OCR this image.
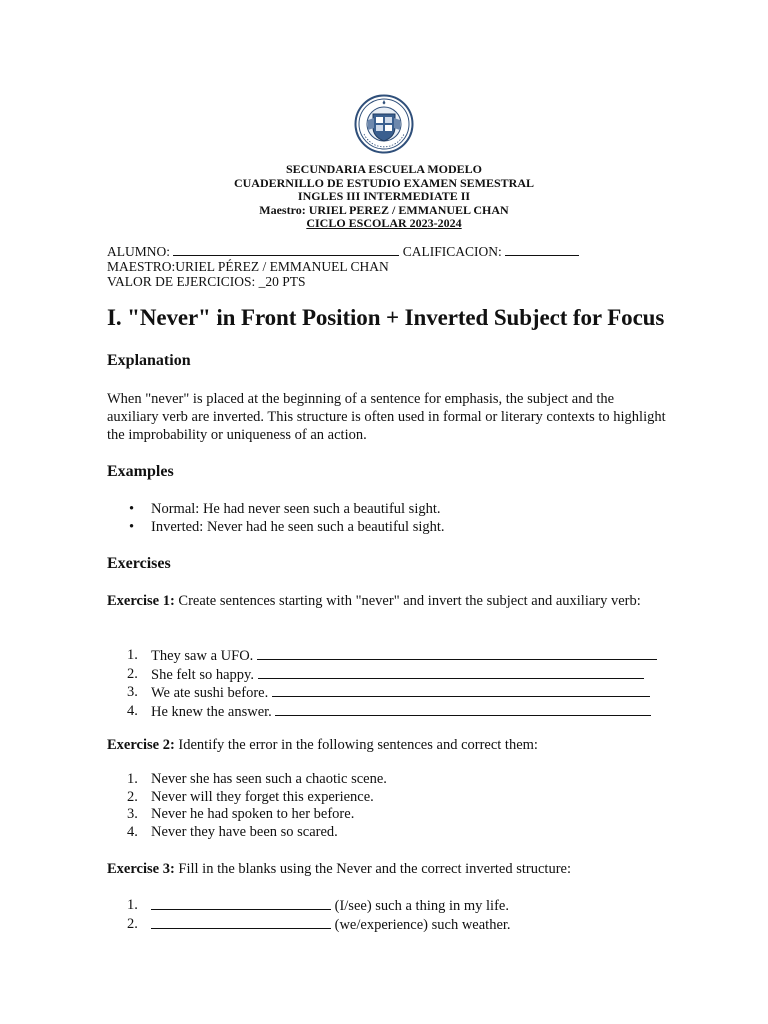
SECUNDARIA ESCUELA MODELO
CUADERNILLO DE ESTUDIO EXAMEN SEMESTRAL
INGLES III INTERMEDIATE II
Maestro: URIEL PEREZ / EMMANUEL CHAN
CICLO ESCOLAR 2023-2024
ALUMNO:	CALIFICACION:
MAESTRO:URIEL PÉREZ / EMMANUEL CHAN
VALOR DE EJERCICIOS: _20 PTS
I. "Never" in Front Position + Inverted Subject for Focus
Explanation

When "never" is placed at the beginning of a sentence for emphasis, the subject and the auxiliary verb are inverted. This structure is often used in formal or literary contexts to highlight the improbability or uniqueness of an action.

Examples
• Normal: He had never seen such a beautiful sight.
• Inverted: Never had he seen such a beautiful sight.
Exercises

Exercise 1: Create sentences starting with "never" and invert the subject and auxiliary verb:

1. They saw a UFO.
2. She felt so happy.
3. We ate sushi before.
4. He knew the answer.

Exercise 2: Identify the error in the following sentences and correct them:

1. Never she has seen such a chaotic scene.
2. Never will they forget this experience.
3. Never he had spoken to her before.
4. Never they have been so scared.

Exercise 3: Fill in the blanks using the Never and the correct inverted structure:

1.	(I/see) such a thing in my life.
2.	(we/experience) such weather.
